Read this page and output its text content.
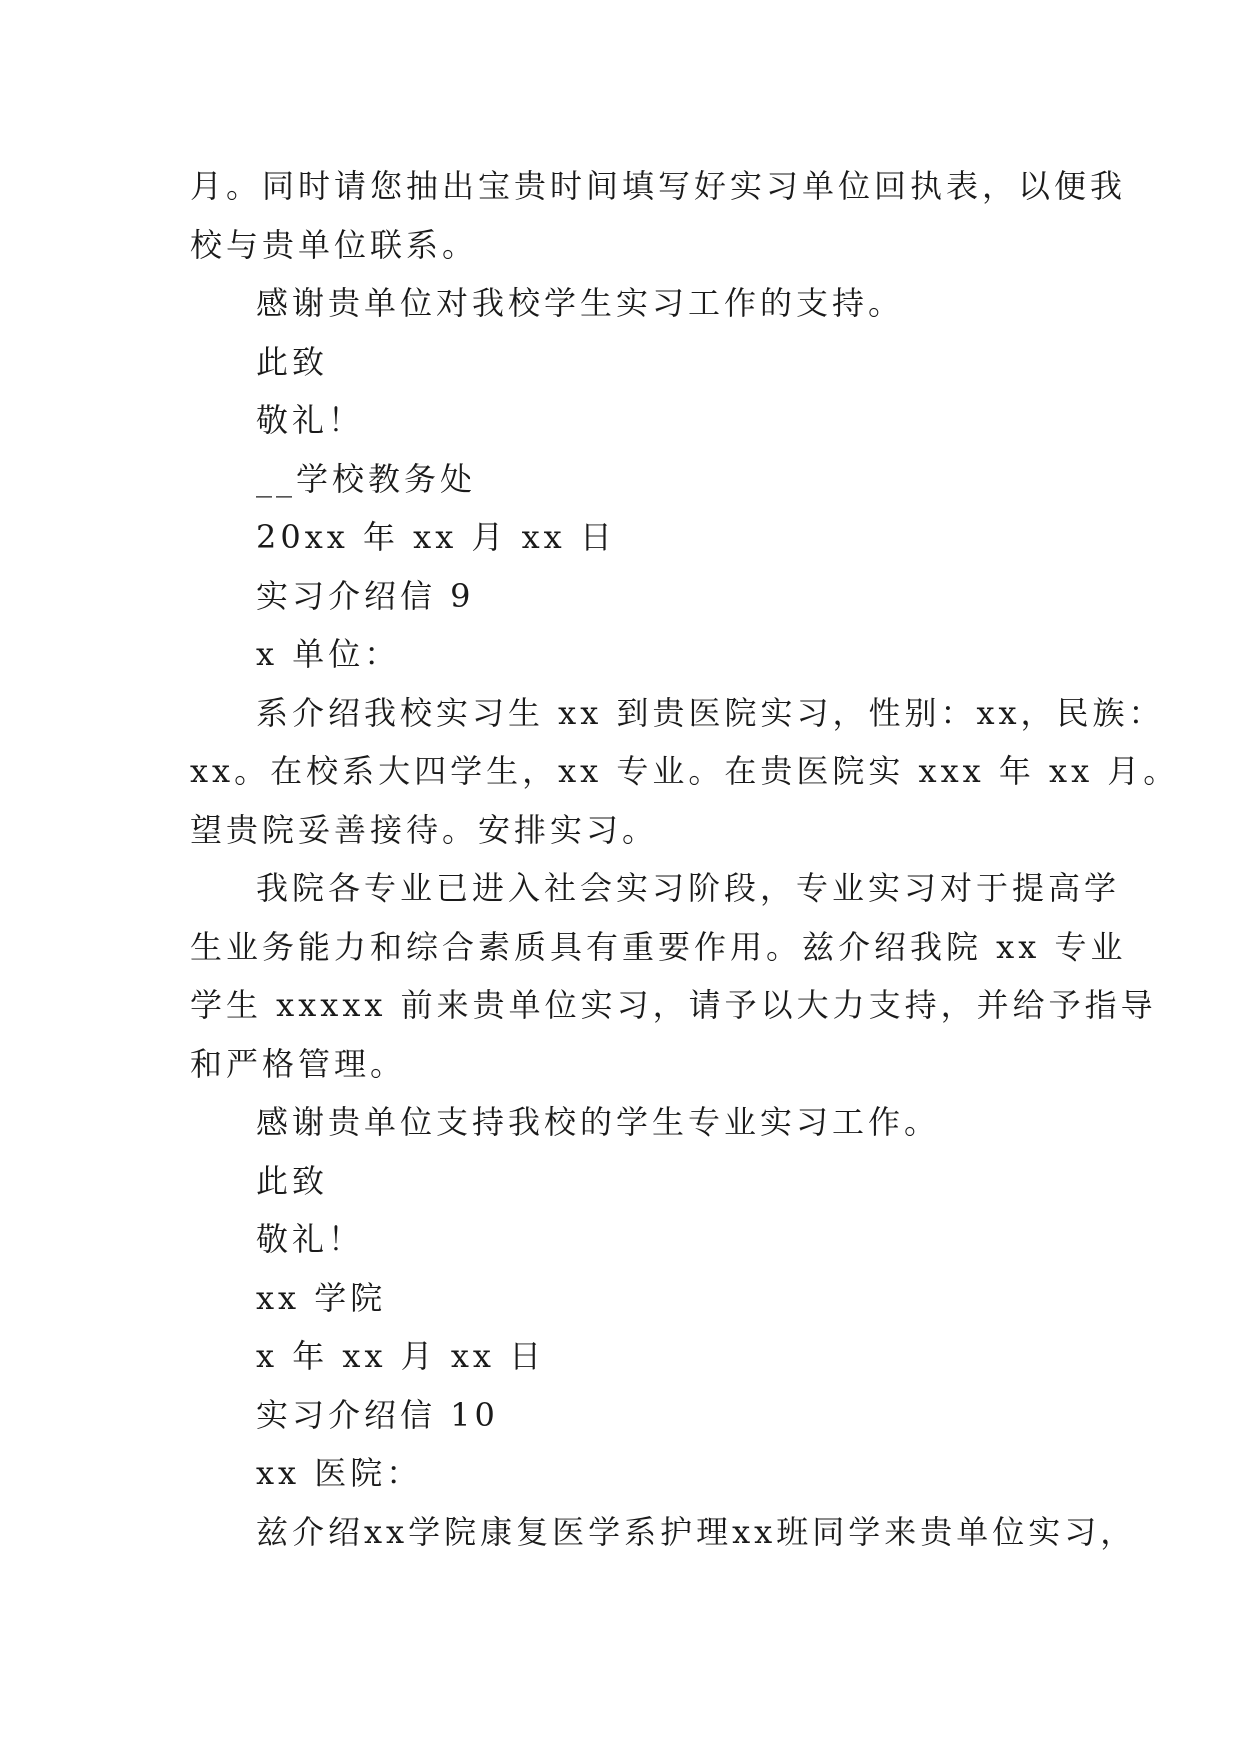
月。同时请您抽出宝贵时间填写好实习单位回执表，以便我
校与贵单位联系。
感谢贵单位对我校学生实习工作的支持。
此致
敬礼！
__学校教务处
20xx 年 xx 月 xx 日
实习介绍信 9
x 单位：
系介绍我校实习生 xx 到贵医院实习，性别：xx，民族：
xx。在校系大四学生，xx 专业。在贵医院实 xxx 年 xx 月。
望贵院妥善接待。安排实习。
我院各专业已进入社会实习阶段，专业实习对于提高学
生业务能力和综合素质具有重要作用。兹介绍我院 xx 专业
学生 xxxxx 前来贵单位实习，请予以大力支持，并给予指导
和严格管理。
感谢贵单位支持我校的学生专业实习工作。
此致
敬礼！
xx 学院
x 年 xx 月 xx 日
实习介绍信 10
xx 医院：
兹介绍xx学院康复医学系护理xx班同学来贵单位实习，
